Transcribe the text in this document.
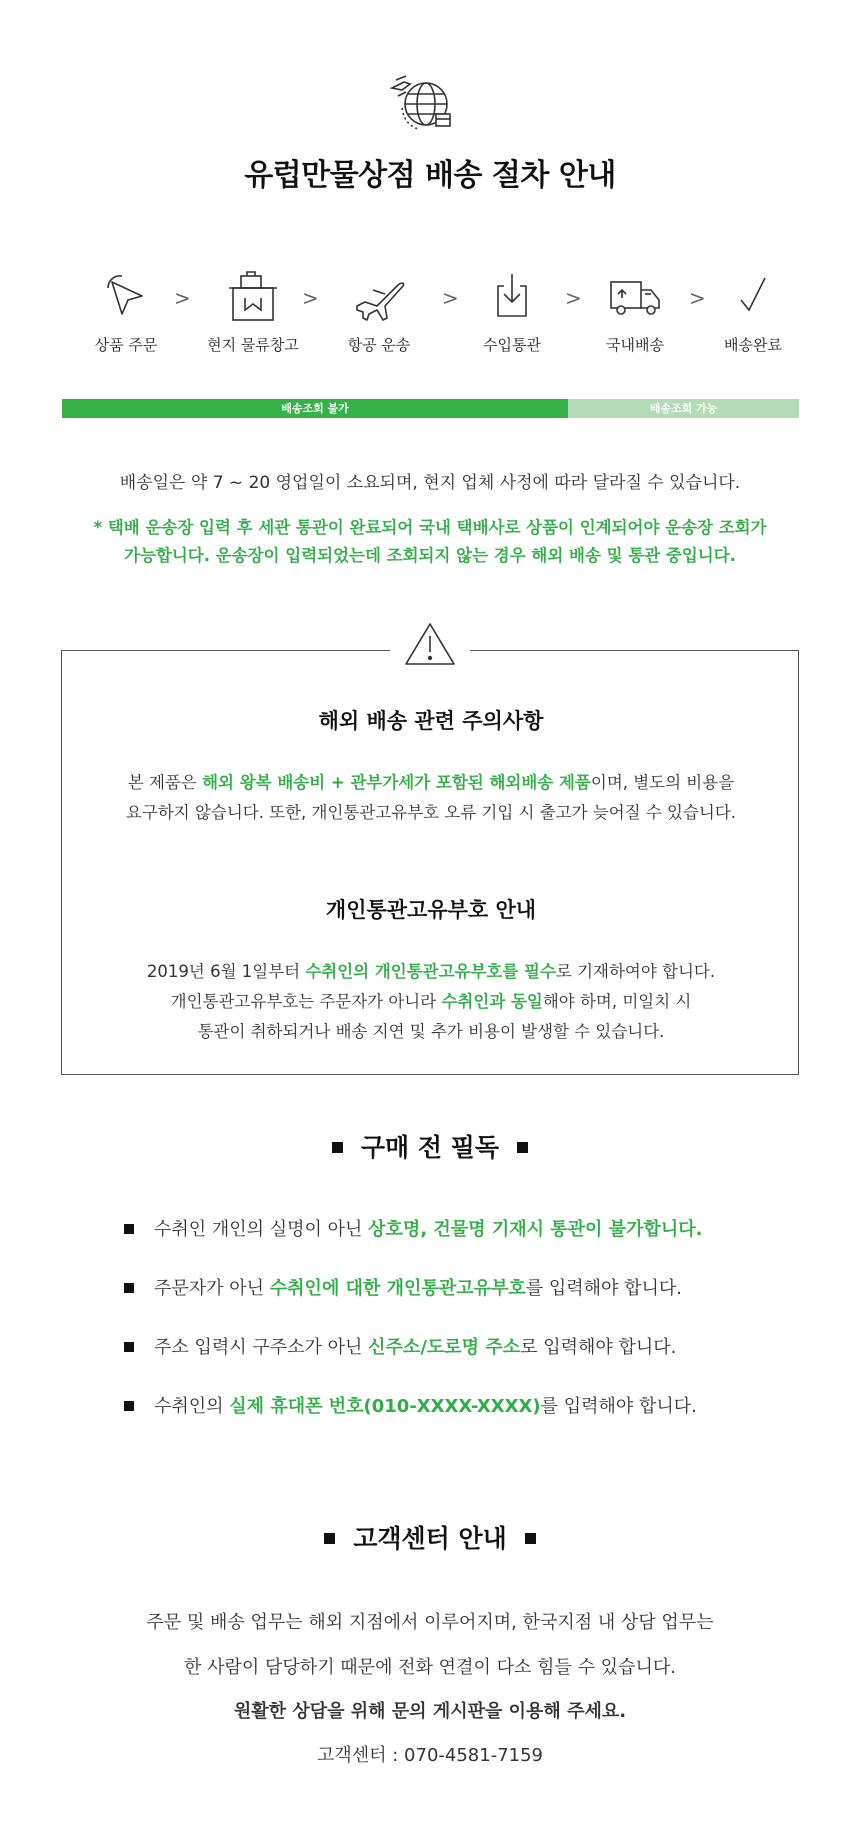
유럽만물상점 배송 절차 안내
상품 주문
>
현지 물류창고
>
항공 운송
>
수입통관
>
국내배송
>
배송완료
배송조회 불가	배송조회 가능

배송일은 약 7 ~ 20 영업일이 소요되며, 현지 업체 사정에 따라 달라질 수 있습니다.

* 택배 운송장 입력 후 세관 통관이 완료되어 국내 택배사로 상품이 인계되어야 운송장 조회가
가능합니다. 운송장이 입력되었는데 조회되지 않는 경우 해외 배송 및 통관 중입니다.
해외 배송 관련 주의사항
본 제품은 해외 왕복 배송비 + 관부가세가 포함된 해외배송 제품이며, 별도의 비용을
요구하지 않습니다. 또한, 개인통관고유부호 오류 기입 시 출고가 늦어질 수 있습니다.
개인통관고유부호 안내
2019년 6월 1일부터 수취인의 개인통관고유부호를 필수로 기재하여야 합니다.
개인통관고유부호는 주문자가 아니라 수취인과 동일해야 하며, 미일치 시
통관이 취하되거나 배송 지연 및 추가 비용이 발생할 수 있습니다.
구매 전 필독
수취인 개인의 실명이 아닌 상호명, 건물명 기재시 통관이 불가합니다.
주문자가 아닌 수취인에 대한 개인통관고유부호를 입력해야 합니다.
주소 입력시 구주소가 아닌 신주소/도로명 주소로 입력해야 합니다.
수취인의 실제 휴대폰 번호(010-XXXX-XXXX)를 입력해야 합니다.
고객센터 안내

주문 및 배송 업무는 해외 지점에서 이루어지며, 한국지점 내 상담 업무는

한 사람이 담당하기 때문에 전화 연결이 다소 힘들 수 있습니다.

원활한 상담을 위해 문의 게시판을 이용해 주세요.

고객센터 : 070-4581-7159
